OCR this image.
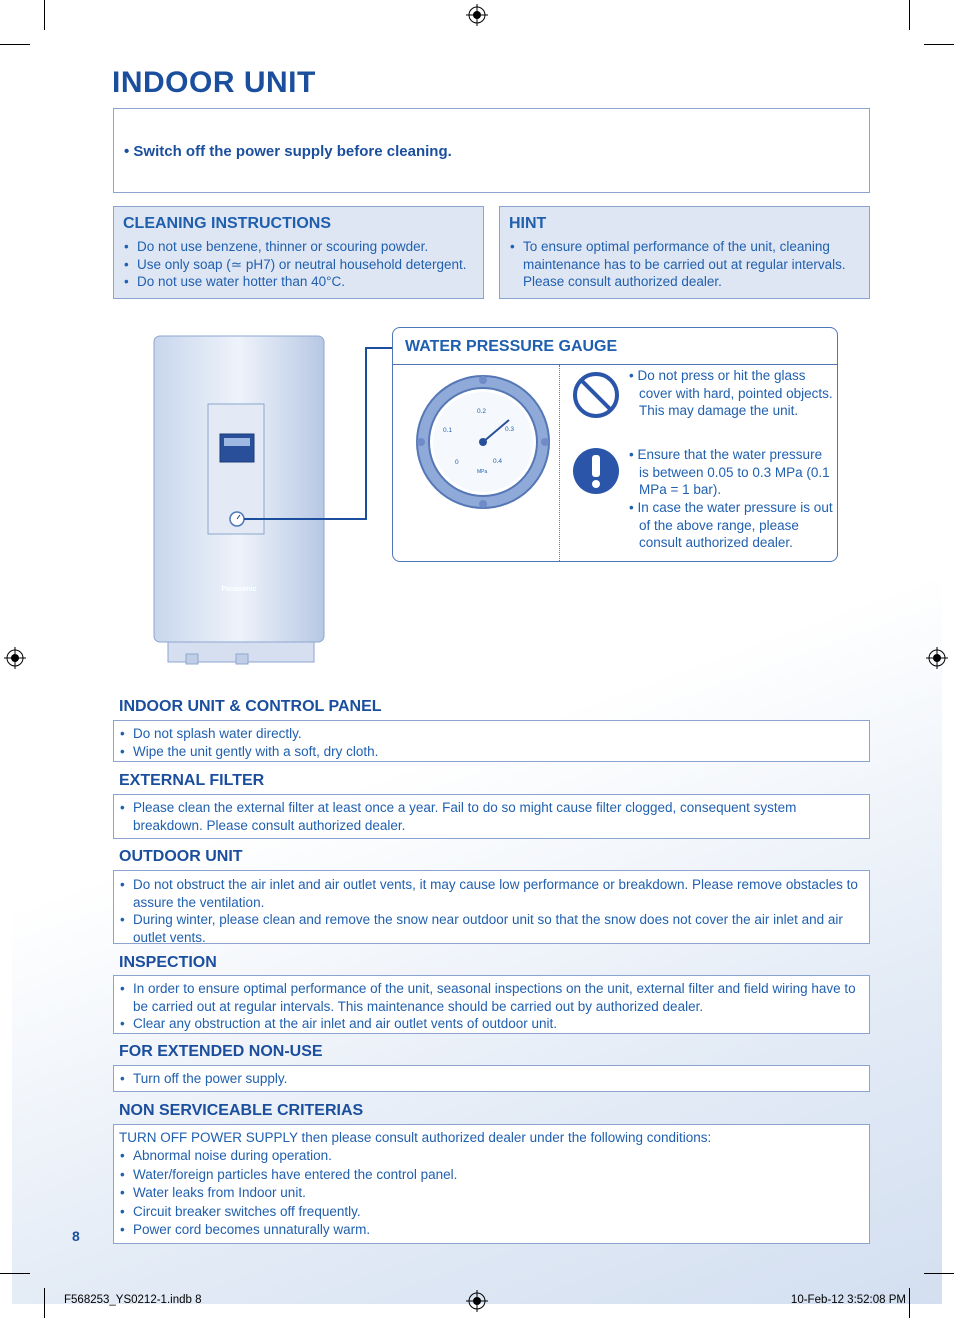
INDOOR UNIT
• Switch off the power supply before cleaning.
CLEANING INSTRUCTIONS
• Do not use benzene, thinner or scouring powder.
• Use only soap (≃ pH7) or neutral household detergent.
• Do not use water hotter than 40°C.
HINT
• To ensure optimal performance of the unit, cleaning maintenance has to be carried out at regular intervals. Please consult authorized dealer.
Panasonic
WATER PRESSURE GAUGE
0
0.1
0.2
0.3
0.4
MPa
• Do not press or hit the glass cover with hard, pointed objects. This may damage the unit.
• Ensure that the water pressure is between 0.05 to 0.3 MPa (0.1 MPa = 1 bar).
• In case the water pressure is out of the above range, please consult authorized dealer.
INDOOR UNIT & CONTROL PANEL
• Do not splash water directly.
• Wipe the unit gently with a soft, dry cloth.
EXTERNAL FILTER
• Please clean the external filter at least once a year. Fail to do so might cause filter clogged, consequent system breakdown. Please consult authorized dealer.
OUTDOOR UNIT
• Do not obstruct the air inlet and air outlet vents, it may cause low performance or breakdown. Please remove obstacles to assure the ventilation.
• During winter, please clean and remove the snow near outdoor unit so that the snow does not cover the air inlet and air outlet vents.
INSPECTION
• In order to ensure optimal performance of the unit, seasonal inspections on the unit, external filter and field wiring have to be carried out at regular intervals. This maintenance should be carried out by authorized dealer.
• Clear any obstruction at the air inlet and air outlet vents of outdoor unit.
FOR EXTENDED NON-USE
• Turn off the power supply.
NON SERVICEABLE CRITERIAS
TURN OFF POWER SUPPLY then please consult authorized dealer under the following conditions:
• Abnormal noise during operation.
• Water/foreign particles have entered the control panel.
• Water leaks from Indoor unit.
• Circuit breaker switches off frequently.
• Power cord becomes unnaturally warm.
8
F568253_YS0212-1.indb 8	10-Feb-12 3:52:08 PM
